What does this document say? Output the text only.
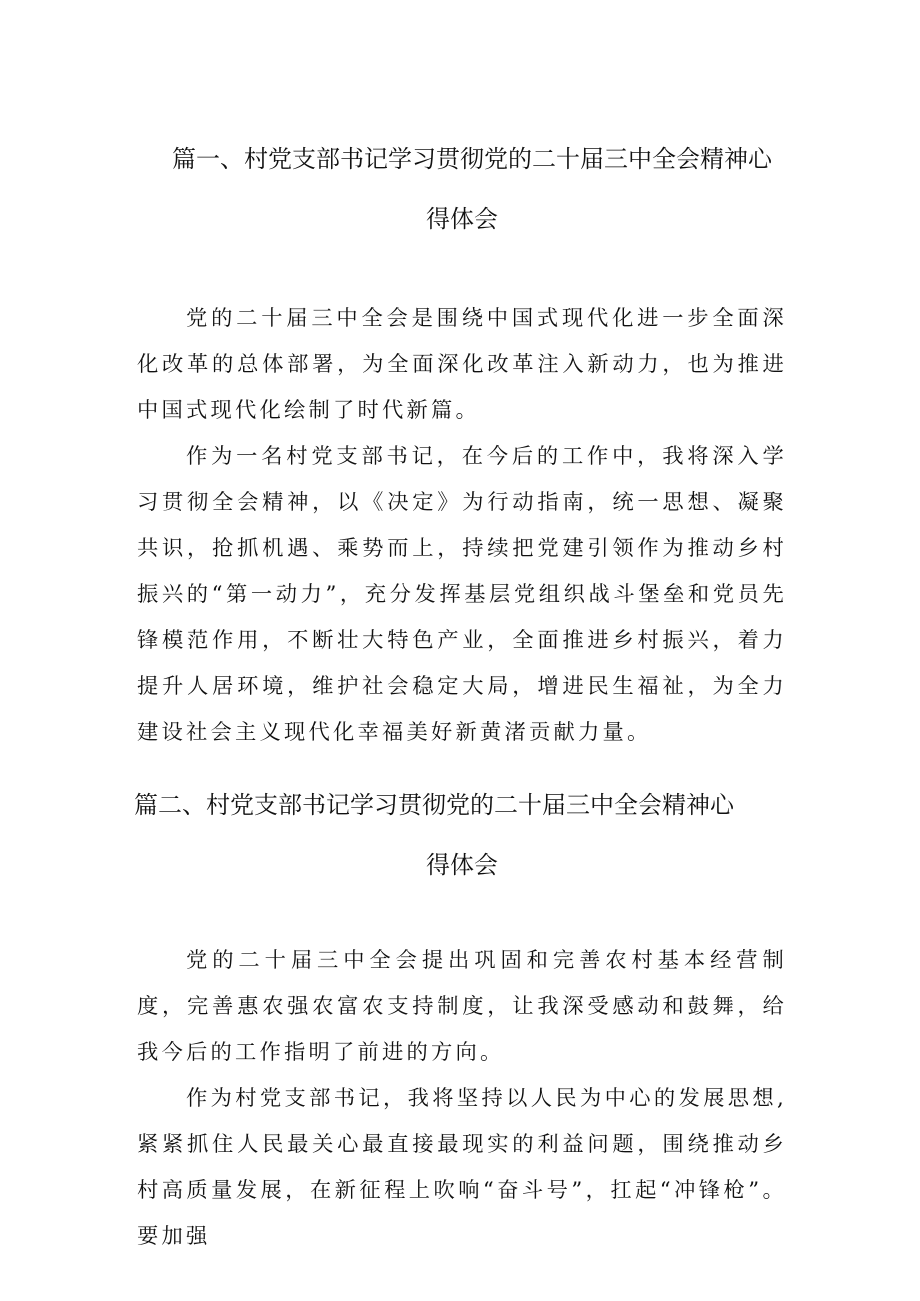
篇一、村党支部书记学习贯彻党的二十届三中全会精神心
得体会

党的二十届三中全会是围绕中国式现代化进一步全面深化改革的总体部署，为全面深化改革注入新动力，也为推进中国式现代化绘制了时代新篇。

作为一名村党支部书记，在今后的工作中，我将深入学习贯彻全会精神，以《决定》为行动指南，统一思想、凝聚共识，抢抓机遇、乘势而上，持续把党建引领作为推动乡村振兴的“第一动力”，充分发挥基层党组织战斗堡垒和党员先锋模范作用，不断壮大特色产业，全面推进乡村振兴，着力提升人居环境，维护社会稳定大局，增进民生福祉，为全力建设社会主义现代化幸福美好新黄渚贡献力量。

篇二、村党支部书记学习贯彻党的二十届三中全会精神心
得体会

党的二十届三中全会提出巩固和完善农村基本经营制度，完善惠农强农富农支持制度，让我深受感动和鼓舞，给我今后的工作指明了前进的方向。

作为村党支部书记，我将坚持以人民为中心的发展思想,紧紧抓住人民最关心最直接最现实的利益问题，围绕推动乡村高质量发展，在新征程上吹响“奋斗号”，扛起“冲锋枪”。要加强
